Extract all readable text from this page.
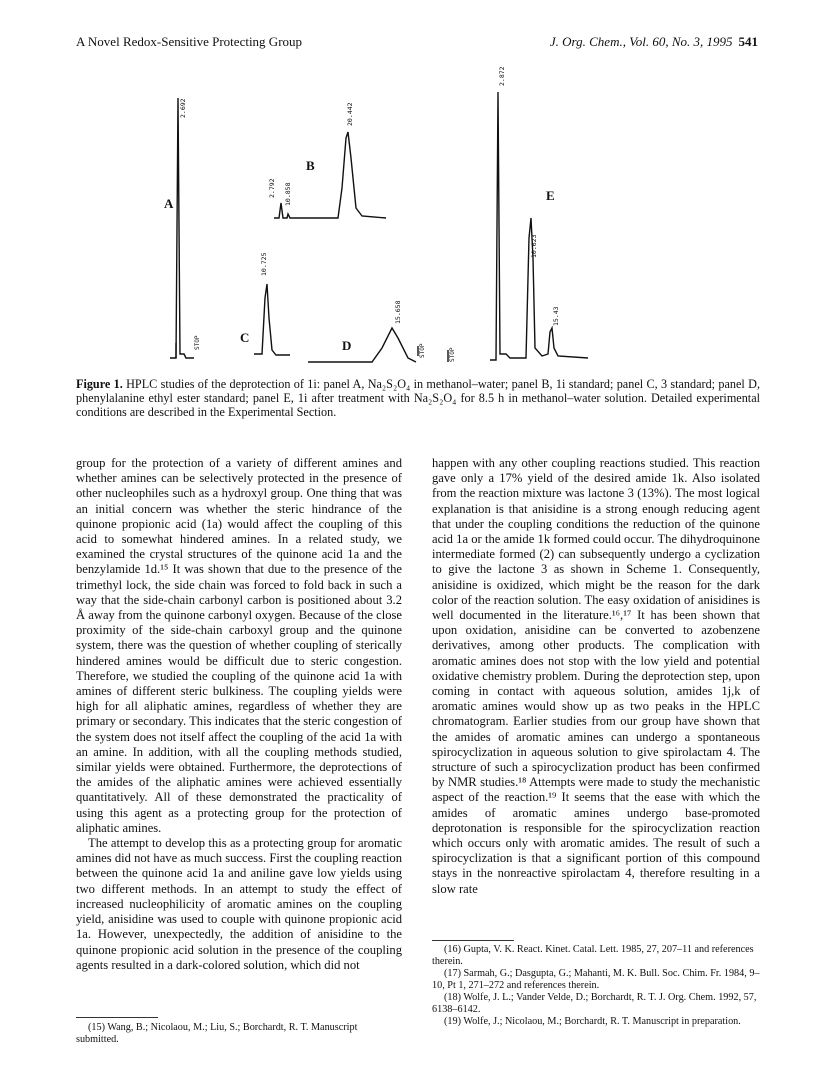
A Novel Redox-Sensitive Protecting Group	J. Org. Chem., Vol. 60, No. 3, 1995 541
2.692
STOP
A
2.792 10.858
20.442
B
10.725
C
STOP
15.658
D
STOP
2.872
10.623
15.43
E
Figure 1. HPLC studies of the deprotection of 1i: panel A, Na₂S₂O₄ in methanol–water; panel B, 1i standard; panel C, 3 standard; panel D, phenylalanine ethyl ester standard; panel E, 1i after treatment with Na₂S₂O₄ for 8.5 h in methanol–water solution. Detailed experimental conditions are described in the Experimental Section.

group for the protection of a variety of different amines and whether amines can be selectively protected in the presence of other nucleophiles such as a hydroxyl group. One thing that was an initial concern was whether the steric hindrance of the quinone propionic acid (1a) would affect the coupling of this acid to somewhat hindered amines. In a related study, we examined the crystal structures of the quinone acid 1a and the benzylamide 1d.¹⁵ It was shown that due to the presence of the trimethyl lock, the side chain was forced to fold back in such a way that the side-chain carbonyl carbon is positioned about 3.2 Å away from the quinone carbonyl oxygen. Because of the close proximity of the side-chain carboxyl group and the quinone system, there was the question of whether coupling of sterically hindered amines would be difficult due to steric congestion. Therefore, we studied the coupling of the quinone acid 1a with amines of different steric bulkiness. The coupling yields were high for all aliphatic amines, regardless of whether they are primary or secondary. This indicates that the steric congestion of the system does not itself affect the coupling of the acid 1a with an amine. In addition, with all the coupling methods studied, similar yields were obtained. Furthermore, the deprotections of the amides of the aliphatic amines were achieved essentially quantitatively. All of these demonstrated the practicality of using this agent as a protecting group for the protection of aliphatic amines.

The attempt to develop this as a protecting group for aromatic amines did not have as much success. First the coupling reaction between the quinone acid 1a and aniline gave low yields using two different methods. In an attempt to study the effect of increased nucleophilicity of aromatic amines on the coupling yield, anisidine was used to couple with quinone propionic acid 1a. However, unexpectedly, the addition of anisidine to the quinone propionic acid solution in the presence of the coupling agents resulted in a dark-colored solution, which did not

happen with any other coupling reactions studied. This reaction gave only a 17% yield of the desired amide 1k. Also isolated from the reaction mixture was lactone 3 (13%). The most logical explanation is that anisidine is a strong enough reducing agent that under the coupling conditions the reduction of the quinone acid 1a or the amide 1k formed could occur. The dihydroquinone intermediate formed (2) can subsequently undergo a cyclization to give the lactone 3 as shown in Scheme 1. Consequently, anisidine is oxidized, which might be the reason for the dark color of the reaction solution. The easy oxidation of anisidines is well documented in the literature.¹⁶,¹⁷ It has been shown that upon oxidation, anisidine can be converted to azobenzene derivatives, among other products. The complication with aromatic amines does not stop with the low yield and potential oxidative chemistry problem. During the deprotection step, upon coming in contact with aqueous solution, amides 1j,k of aromatic amines would show up as two peaks in the HPLC chromatogram. Earlier studies from our group have shown that the amides of aromatic amines can undergo a spontaneous spirocyclization in aqueous solution to give spirolactam 4. The structure of such a spirocyclization product has been confirmed by NMR studies.¹⁸ Attempts were made to study the mechanistic aspect of the reaction.¹⁹ It seems that the ease with which the amides of aromatic amines undergo base-promoted deprotonation is responsible for the spirocyclization reaction which occurs only with aromatic amides. The result of such a spirocyclization is that a significant portion of this compound stays in the nonreactive spirolactam 4, therefore resulting in a slow rate

(15) Wang, B.; Nicolaou, M.; Liu, S.; Borchardt, R. T. Manuscript submitted.

(16) Gupta, V. K. React. Kinet. Catal. Lett. 1985, 27, 207–11 and references therein.

(17) Sarmah, G.; Dasgupta, G.; Mahanti, M. K. Bull. Soc. Chim. Fr. 1984, 9–10, Pt 1, 271–272 and references therein.

(18) Wolfe, J. L.; Vander Velde, D.; Borchardt, R. T. J. Org. Chem. 1992, 57, 6138–6142.

(19) Wolfe, J.; Nicolaou, M.; Borchardt, R. T. Manuscript in preparation.
